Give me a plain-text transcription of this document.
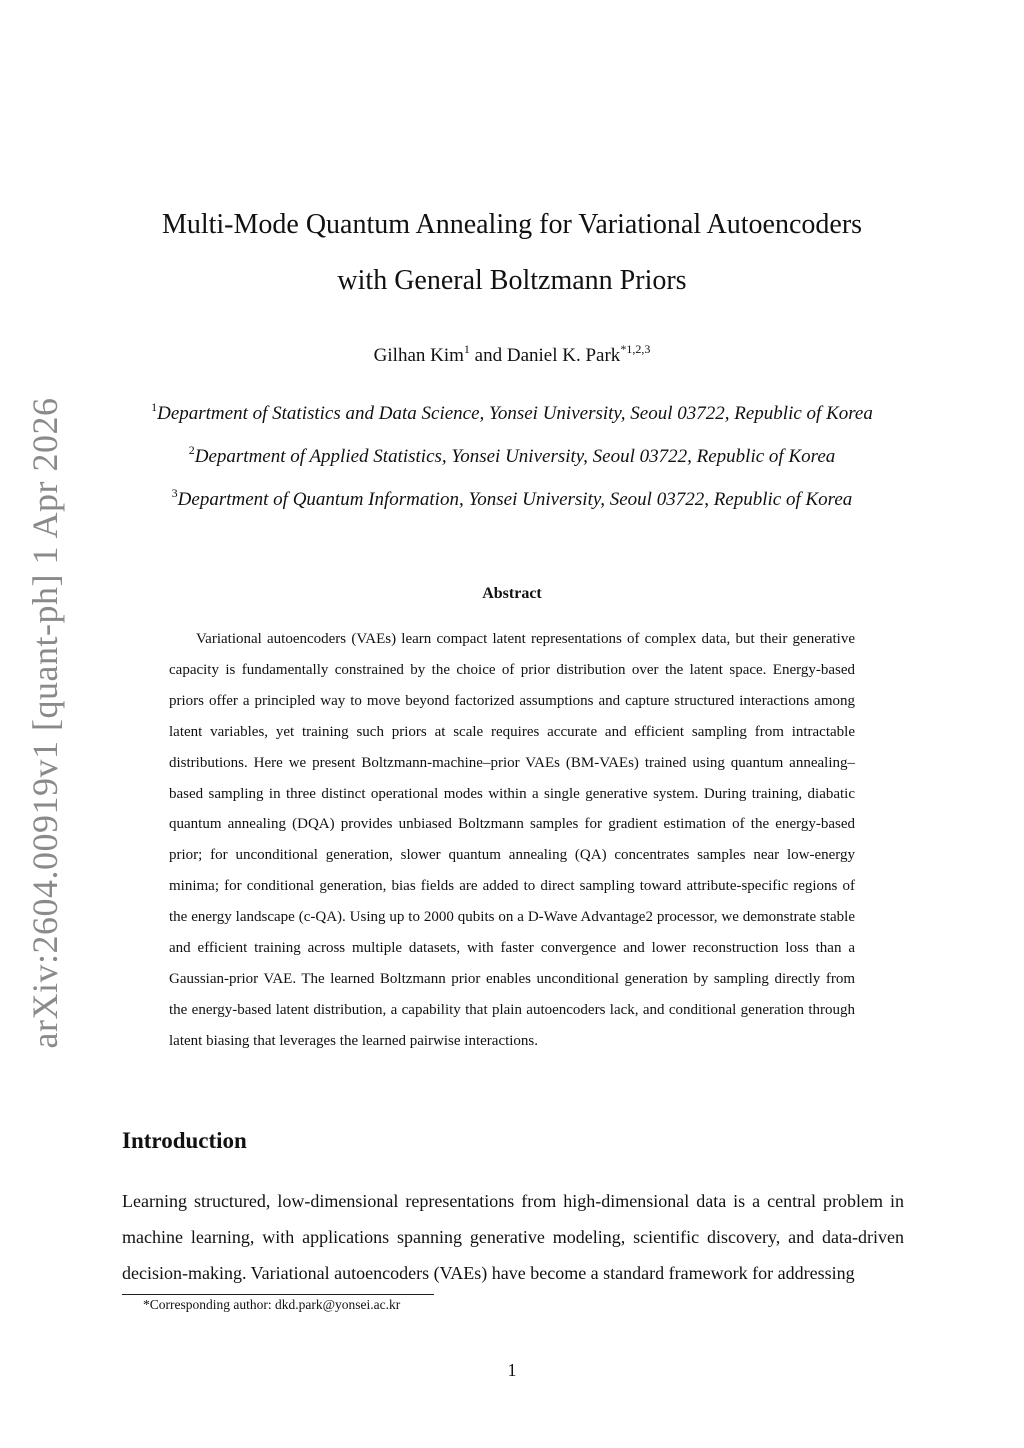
arXiv:2604.00919v1 [quant-ph] 1 Apr 2026
Multi-Mode Quantum Annealing for Variational Autoencoders
with General Boltzmann Priors
Gilhan Kim$^1$ and Daniel K. Park$^{*1,2,3}$
$^1$Department of Statistics and Data Science, Yonsei University, Seoul 03722, Republic of Korea
$^2$Department of Applied Statistics, Yonsei University, Seoul 03722, Republic of Korea
$^3$Department of Quantum Information, Yonsei University, Seoul 03722, Republic of Korea
Abstract

Variational autoencoders (VAEs) learn compact latent representations of complex data, but their generative capacity is fundamentally constrained by the choice of prior distribution over the latent space. Energy-based priors offer a principled way to move beyond factorized assumptions and capture structured interactions among latent variables, yet training such priors at scale requires accurate and efficient sampling from intractable distributions. Here we present Boltzmann-machine–prior VAEs (BM-VAEs) trained using quantum annealing–based sampling in three distinct operational modes within a single generative system. During training, diabatic quantum annealing (DQA) provides unbiased Boltzmann samples for gradient estimation of the energy-based prior; for unconditional generation, slower quantum annealing (QA) concentrates samples near low-energy minima; for conditional generation, bias fields are added to direct sampling toward attribute-specific regions of the energy landscape (c-QA). Using up to 2000 qubits on a D-Wave Advantage2 processor, we demonstrate stable and efficient training across multiple datasets, with faster convergence and lower reconstruction loss than a Gaussian-prior VAE. The learned Boltzmann prior enables unconditional generation by sampling directly from the energy-based latent distribution, a capability that plain autoencoders lack, and conditional generation through latent biasing that leverages the learned pairwise interactions.

Introduction

Learning structured, low-dimensional representations from high-dimensional data is a central problem in machine learning, with applications spanning generative modeling, scientific discovery, and data-driven decision-making. Variational autoencoders (VAEs) have become a standard framework for addressing

*Corresponding author: dkd.park@yonsei.ac.kr
1
